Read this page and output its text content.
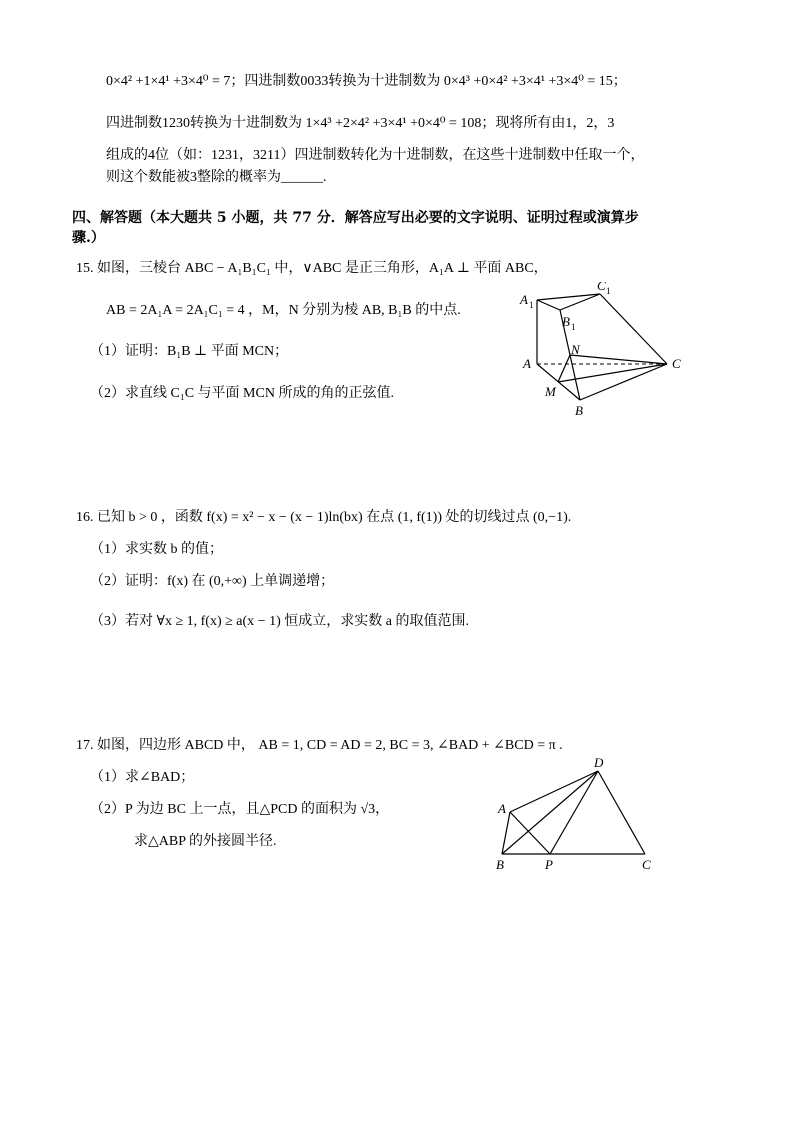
0×4² +1×4¹ +3×4⁰ = 7；四进制数0033转换为十进制数为 0×4³ +0×4² +3×4¹ +3×4⁰ = 15；
四进制数1230转换为十进制数为 1×4³ +2×4² +3×4¹ +0×4⁰ = 108；现将所有由1，2，3
组成的4位（如：1231，3211）四进制数转化为十进制数，在这些十进制数中任取一个，
则这个数能被3整除的概率为______.
四、解答题（本大题共 5 小题，共 77 分．解答应写出必要的文字说明、证明过程或演算步
骤.）
15. 如图，三棱台 ABC − A₁B₁C₁ 中，∨ABC 是正三角形，A₁A ⊥ 平面 ABC，
AB = 2A₁A = 2A₁C₁ = 4 ，M，N 分别为棱 AB, B₁B 的中点.
（1）证明：B₁B ⊥ 平面 MCN；
（2）求直线 C₁C 与平面 MCN 所成的角的正弦值.
A 1
C 1
B 1
N
A	C
M
B
16. 已知 b > 0 ，函数 f(x) = x² − x − (x − 1)ln(bx) 在点 (1, f(1)) 处的切线过点 (0,−1).
（1）求实数 b 的值；
（2）证明：f(x) 在 (0,+∞) 上单调递增；
（3）若对 ∀x ≥ 1, f(x) ≥ a(x − 1) 恒成立，求实数 a 的取值范围.
17. 如图，四边形 ABCD 中， AB = 1, CD = AD = 2, BC = 3, ∠BAD + ∠BCD = π .
（1）求∠BAD；
（2）P 为边 BC 上一点，且△PCD 的面积为 √3，
求△ABP 的外接圆半径.
D
A
B	P	C
